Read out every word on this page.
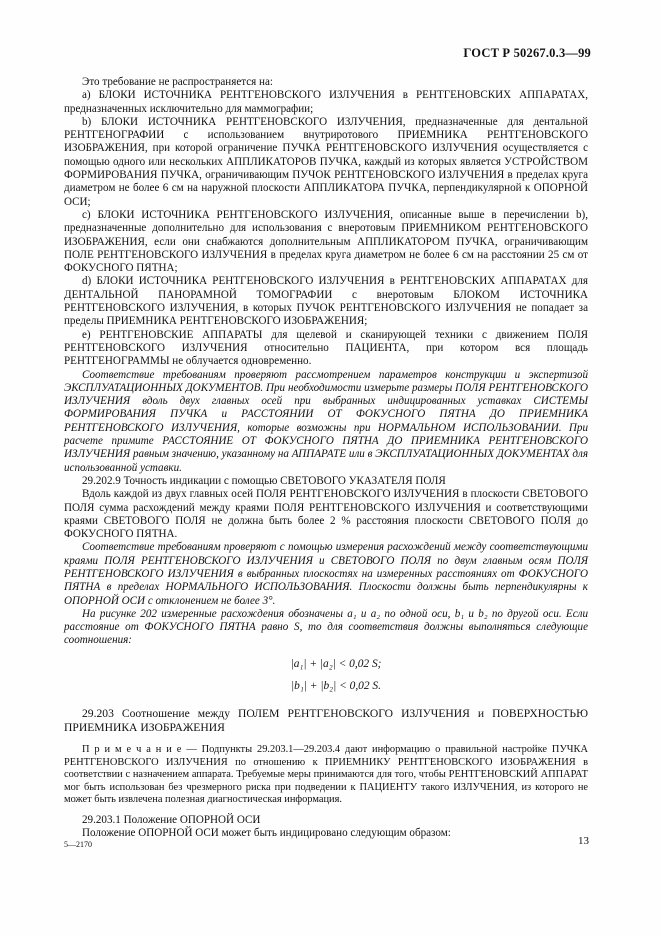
ГОСТ Р 50267.0.3—99

Это требование не распространяется на:

a) БЛОКИ ИСТОЧНИКА РЕНТГЕНОВСКОГО ИЗЛУЧЕНИЯ в РЕНТГЕНОВСКИХ АППАРАТАХ, предназначенных исключительно для маммографии;

b) БЛОКИ ИСТОЧНИКА РЕНТГЕНОВСКОГО ИЗЛУЧЕНИЯ, предназначенные для дентальной РЕНТГЕНОГРАФИИ с использованием внутриротового ПРИЕМНИКА РЕНТГЕНОВСКОГО ИЗОБРАЖЕНИЯ, при которой ограничение ПУЧКА РЕНТГЕНОВСКОГО ИЗЛУЧЕНИЯ осуществляется с помощью одного или нескольких АППЛИКАТОРОВ ПУЧКА, каждый из которых является УСТРОЙСТВОМ ФОРМИРОВАНИЯ ПУЧКА, ограничивающим ПУЧОК РЕНТГЕНОВСКОГО ИЗЛУЧЕНИЯ в пределах круга диаметром не более 6 см на наружной плоскости АППЛИКАТОРА ПУЧКА, перпендикулярной к ОПОРНОЙ ОСИ;

c) БЛОКИ ИСТОЧНИКА РЕНТГЕНОВСКОГО ИЗЛУЧЕНИЯ, описанные выше в перечислении b), предназначенные дополнительно для использования с внеротовым ПРИЕМНИКОМ РЕНТГЕНОВСКОГО ИЗОБРАЖЕНИЯ, если они снабжаются дополнительным АППЛИКАТОРОМ ПУЧКА, ограничивающим ПОЛЕ РЕНТГЕНОВСКОГО ИЗЛУЧЕНИЯ в пределах круга диаметром не более 6 см на расстоянии 25 см от ФОКУСНОГО ПЯТНА;

d) БЛОКИ ИСТОЧНИКА РЕНТГЕНОВСКОГО ИЗЛУЧЕНИЯ в РЕНТГЕНОВСКИХ АППАРАТАХ для ДЕНТАЛЬНОЙ ПАНОРАМНОЙ ТОМОГРАФИИ с внеротовым БЛОКОМ ИСТОЧНИКА РЕНТГЕНОВСКОГО ИЗЛУЧЕНИЯ, в которых ПУЧОК РЕНТГЕНОВСКОГО ИЗЛУЧЕНИЯ не попадает за пределы ПРИЕМНИКА РЕНТГЕНОВСКОГО ИЗОБРАЖЕНИЯ;

e) РЕНТГЕНОВСКИЕ АППАРАТЫ для щелевой и сканирующей техники с движением ПОЛЯ РЕНТГЕНОВСКОГО ИЗЛУЧЕНИЯ относительно ПАЦИЕНТА, при котором вся площадь РЕНТГЕНОГРАММЫ не облучается одновременно.

Соответствие требованиям проверяют рассмотрением параметров конструкции и экспертизой ЭКСПЛУАТАЦИОННЫХ ДОКУМЕНТОВ. При необходимости измерьте размеры ПОЛЯ РЕНТГЕНОВСКОГО ИЗЛУЧЕНИЯ вдоль двух главных осей при выбранных индицированных уставках СИСТЕМЫ ФОРМИРОВАНИЯ ПУЧКА и РАССТОЯНИИ ОТ ФОКУСНОГО ПЯТНА ДО ПРИЕМНИКА РЕНТГЕНОВСКОГО ИЗЛУЧЕНИЯ, которые возможны при НОРМАЛЬНОМ ИСПОЛЬЗОВАНИИ. При расчете примите РАССТОЯНИЕ ОТ ФОКУСНОГО ПЯТНА ДО ПРИЕМНИКА РЕНТГЕНОВСКОГО ИЗЛУЧЕНИЯ равным значению, указанному на АППАРАТЕ или в ЭКСПЛУАТАЦИОННЫХ ДОКУМЕНТАХ для использованной уставки.

29.202.9 Точность индикации с помощью СВЕТОВОГО УКАЗАТЕЛЯ ПОЛЯ

Вдоль каждой из двух главных осей ПОЛЯ РЕНТГЕНОВСКОГО ИЗЛУЧЕНИЯ в плоскости СВЕТОВОГО ПОЛЯ сумма расхождений между краями ПОЛЯ РЕНТГЕНОВСКОГО ИЗЛУЧЕНИЯ и соответствующими краями СВЕТОВОГО ПОЛЯ не должна быть более 2 % расстояния плоскости СВЕТОВОГО ПОЛЯ до ФОКУСНОГО ПЯТНА.

Соответствие требованиям проверяют с помощью измерения расхождений между соответствующими краями ПОЛЯ РЕНТГЕНОВСКОГО ИЗЛУЧЕНИЯ и СВЕТОВОГО ПОЛЯ по двум главным осям ПОЛЯ РЕНТГЕНОВСКОГО ИЗЛУЧЕНИЯ в выбранных плоскостях на измеренных расстояниях от ФОКУСНОГО ПЯТНА в пределах НОРМАЛЬНОГО ИСПОЛЬЗОВАНИЯ. Плоскости должны быть перпендикулярны к ОПОРНОЙ ОСИ с отклонением не более 3°.

На рисунке 202 измеренные расхождения обозначены a₁ и a₂ по одной оси, b₁ и b₂ по другой оси. Если расстояние от ФОКУСНОГО ПЯТНА равно S, то для соответствия должны выполняться следующие соотношения:

|a₁| + |a₂| < 0,02 S;

|b₁| + |b₂| < 0,02 S.

29.203 Соотношение между ПОЛЕМ РЕНТГЕНОВСКОГО ИЗЛУЧЕНИЯ и ПОВЕРХНОСТЬЮ ПРИЕМНИКА ИЗОБРАЖЕНИЯ

П р и м е ч а н и е — Подпункты 29.203.1—29.203.4 дают информацию о правильной настройке ПУЧКА РЕНТГЕНОВСКОГО ИЗЛУЧЕНИЯ по отношению к ПРИЕМНИКУ РЕНТГЕНОВСКОГО ИЗОБРАЖЕНИЯ в соответствии с назначением аппарата. Требуемые меры принимаются для того, чтобы РЕНТГЕНОВСКИЙ АППАРАТ мог быть использован без чрезмерного риска при подведении к ПАЦИЕНТУ такого ИЗЛУЧЕНИЯ, из которого не может быть извлечена полезная диагностическая информация.

29.203.1 Положение ОПОРНОЙ ОСИ

Положение ОПОРНОЙ ОСИ может быть индицировано следующим образом:

5—2170	13
